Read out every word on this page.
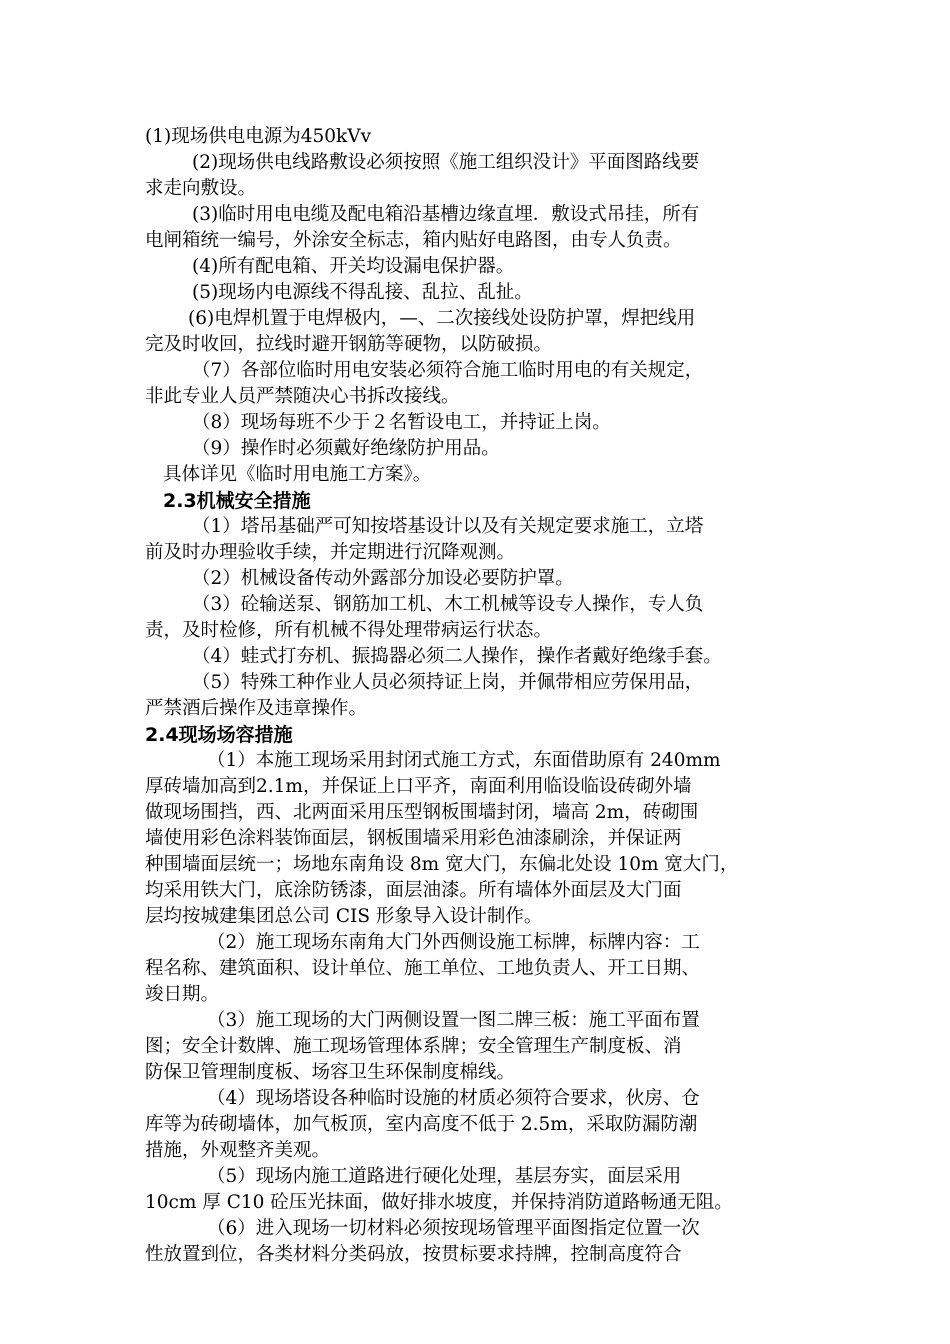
(1)现场供电电源为450kVv
(2)现场供电线路敷设必须按照《施工组织没计》平面图路线要
求走向敷设。
(3)临时用电电缆及配电箱沿基槽边缘直埋．敷设式吊挂，所有
电闸箱统一编号，外涂安全标志，箱内贴好电路图，由专人负责。
(4)所有配电箱、开关均设漏电保护器。
(5)现场内电源线不得乱接、乱拉、乱扯。
(6)电焊机置于电焊极内，—、二次接线处设防护罩，焊把线用
完及时收回，拉线时避开钢筋等硬物，以防破损。
（7）各部位临时用电安装必须符合施工临时用电的有关规定，
非此专业人员严禁随决心书拆改接线。
（8）现场每班不少于２名暂设电工，并持证上岗。
（9）操作时必须戴好绝缘防护用品。
具体详见《临时用电施工方案》。
2.3机械安全措施
（1）塔吊基础严可知按塔基设计以及有关规定要求施工，立塔
前及时办理验收手续，并定期进行沉降观测。
（2）机械设备传动外露部分加设必要防护罩。
（3）砼输送泵、钢筋加工机、木工机械等设专人操作，专人负
责，及时检修，所有机械不得处理带病运行状态。
（4）蛙式打夯机、振捣器必须二人操作，操作者戴好绝缘手套。
（5）特殊工种作业人员必须持证上岗，并佩带相应劳保用品，
严禁酒后操作及违章操作。
2.4现场场容措施
（1）本施工现场采用封闭式施工方式，东面借助原有 240mm
厚砖墙加高到2.1m，并保证上口平齐，南面利用临设临设砖砌外墙
做现场围挡，西、北两面采用压型钢板围墙封闭，墙高 2m，砖砌围
墙使用彩色涂料装饰面层，钢板围墙采用彩色油漆刷涂，并保证两
种围墙面层统一；场地东南角设 8m 宽大门，东偏北处设 10m 宽大门，
均采用铁大门，底涂防锈漆，面层油漆。所有墙体外面层及大门面
层均按城建集团总公司 CIS 形象导入设计制作。
（2）施工现场东南角大门外西侧设施工标牌，标牌内容：工
程名称、建筑面积、设计单位、施工单位、工地负责人、开工日期、
竣日期。
（3）施工现场的大门两侧设置一图二牌三板：施工平面布置
图；安全计数牌、施工现场管理体系牌；安全管理生产制度板、消
防保卫管理制度板、场容卫生环保制度棉线。
（4）现场塔设各种临时设施的材质必须符合要求，伙房、仓
库等为砖砌墙体，加气板顶，室内高度不低于 2.5m，采取防漏防潮
措施，外观整齐美观。
（5）现场内施工道路进行硬化处理，基层夯实，面层采用
10cm 厚 C10 砼压光抹面，做好排水坡度，并保持消防道路畅通无阻。
（6）进入现场一切材料必须按现场管理平面图指定位置一次
性放置到位，各类材料分类码放，按贯标要求持牌，控制高度符合
